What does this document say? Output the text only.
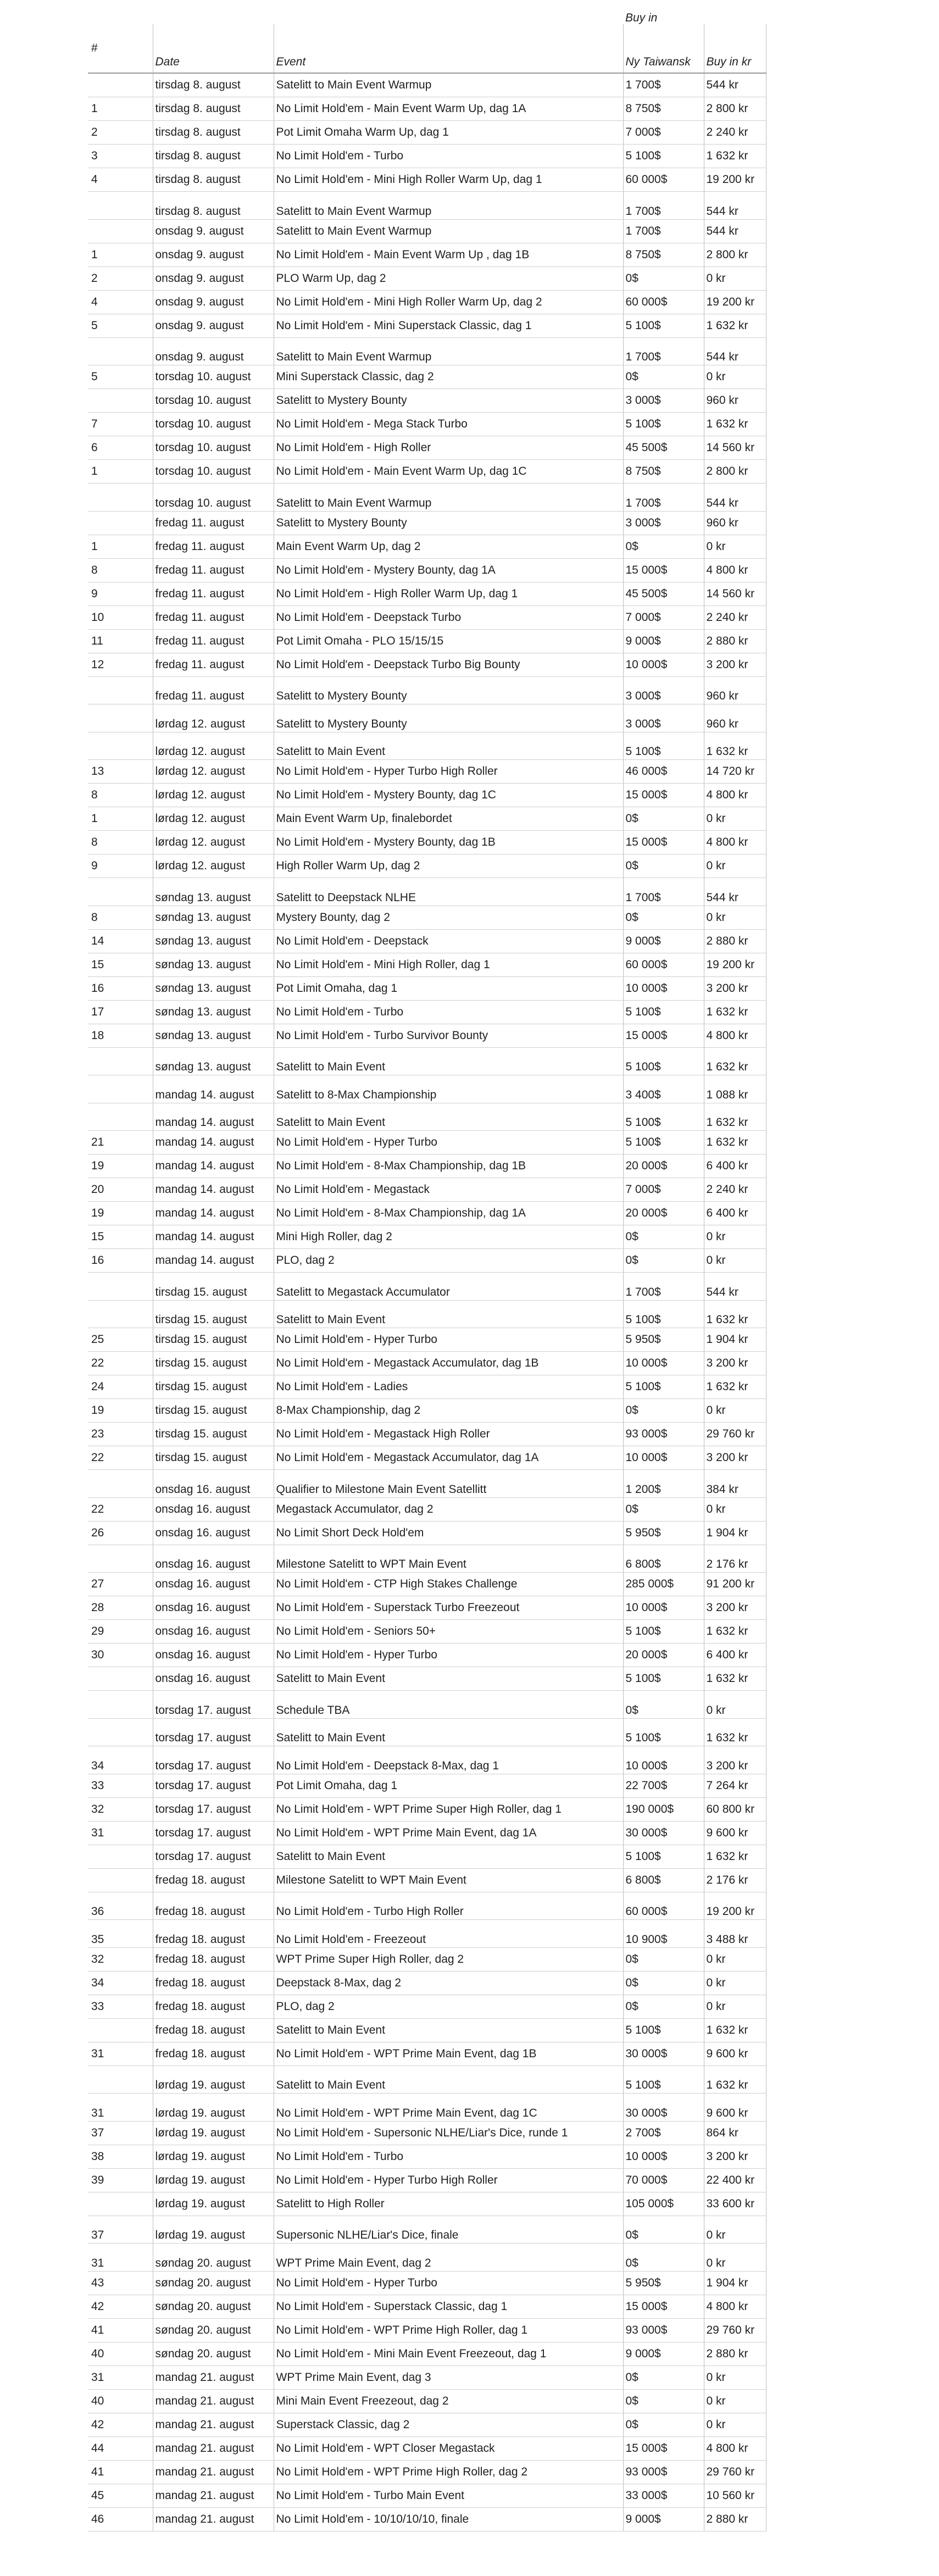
			Buy in	
#	Date	Event	Ny Taiwansk	Buy in kr
	tirsdag 8. august	Satelitt to Main Event Warmup	1 700$	544 kr
1	tirsdag 8. august	No Limit Hold'em - Main Event Warm Up, dag 1A	8 750$	2 800 kr
2	tirsdag 8. august	Pot Limit Omaha Warm Up, dag 1	7 000$	2 240 kr
3	tirsdag 8. august	No Limit Hold'em - Turbo	5 100$	1 632 kr
4	tirsdag 8. august	No Limit Hold'em - Mini High Roller Warm Up, dag 1	60 000$	19 200 kr
	tirsdag 8. august	Satelitt to Main Event Warmup	1 700$	544 kr
	onsdag 9. august	Satelitt to Main Event Warmup	1 700$	544 kr
1	onsdag 9. august	No Limit Hold'em - Main Event Warm Up , dag 1B	8 750$	2 800 kr
2	onsdag 9. august	PLO Warm Up, dag 2	0$	0 kr
4	onsdag 9. august	No Limit Hold'em - Mini High Roller Warm Up, dag 2	60 000$	19 200 kr
5	onsdag 9. august	No Limit Hold'em - Mini Superstack Classic, dag 1	5 100$	1 632 kr
	onsdag 9. august	Satelitt to Main Event Warmup	1 700$	544 kr
5	torsdag 10. august	Mini Superstack Classic, dag 2	0$	0 kr
	torsdag 10. august	Satelitt to Mystery Bounty	3 000$	960 kr
7	torsdag 10. august	No Limit Hold'em - Mega Stack Turbo	5 100$	1 632 kr
6	torsdag 10. august	No Limit Hold'em - High Roller	45 500$	14 560 kr
1	torsdag 10. august	No Limit Hold'em - Main Event Warm Up, dag 1C	8 750$	2 800 kr
	torsdag 10. august	Satelitt to Main Event Warmup	1 700$	544 kr
	fredag 11. august	Satelitt to Mystery Bounty	3 000$	960 kr
1	fredag 11. august	Main Event Warm Up, dag 2	0$	0 kr
8	fredag 11. august	No Limit Hold'em - Mystery Bounty, dag 1A	15 000$	4 800 kr
9	fredag 11. august	No Limit Hold'em - High Roller Warm Up, dag 1	45 500$	14 560 kr
10	fredag 11. august	No Limit Hold'em - Deepstack Turbo	7 000$	2 240 kr
11	fredag 11. august	Pot Limit Omaha - PLO 15/15/15	9 000$	2 880 kr
12	fredag 11. august	No Limit Hold'em - Deepstack Turbo Big Bounty	10 000$	3 200 kr
	fredag 11. august	Satelitt to Mystery Bounty	3 000$	960 kr
	lørdag 12. august	Satelitt to Mystery Bounty	3 000$	960 kr
	lørdag 12. august	Satelitt to Main Event	5 100$	1 632 kr
13	lørdag 12. august	No Limit Hold'em - Hyper Turbo High Roller	46 000$	14 720 kr
8	lørdag 12. august	No Limit Hold'em - Mystery Bounty, dag 1C	15 000$	4 800 kr
1	lørdag 12. august	Main Event Warm Up, finalebordet	0$	0 kr
8	lørdag 12. august	No Limit Hold'em - Mystery Bounty, dag 1B	15 000$	4 800 kr
9	lørdag 12. august	High Roller Warm Up, dag 2	0$	0 kr
	søndag 13. august	Satelitt to Deepstack NLHE	1 700$	544 kr
8	søndag 13. august	Mystery Bounty, dag 2	0$	0 kr
14	søndag 13. august	No Limit Hold'em - Deepstack	9 000$	2 880 kr
15	søndag 13. august	No Limit Hold'em - Mini High Roller, dag 1	60 000$	19 200 kr
16	søndag 13. august	Pot Limit Omaha, dag 1	10 000$	3 200 kr
17	søndag 13. august	No Limit Hold'em - Turbo	5 100$	1 632 kr
18	søndag 13. august	No Limit Hold'em - Turbo Survivor Bounty	15 000$	4 800 kr
	søndag 13. august	Satelitt to Main Event	5 100$	1 632 kr
	mandag 14. august	Satelitt to 8-Max Championship	3 400$	1 088 kr
	mandag 14. august	Satelitt to Main Event	5 100$	1 632 kr
21	mandag 14. august	No Limit Hold'em - Hyper Turbo	5 100$	1 632 kr
19	mandag 14. august	No Limit Hold'em - 8-Max Championship, dag 1B	20 000$	6 400 kr
20	mandag 14. august	No Limit Hold'em - Megastack	7 000$	2 240 kr
19	mandag 14. august	No Limit Hold'em - 8-Max Championship, dag 1A	20 000$	6 400 kr
15	mandag 14. august	Mini High Roller, dag 2	0$	0 kr
16	mandag 14. august	PLO, dag 2	0$	0 kr
	tirsdag 15. august	Satelitt to Megastack Accumulator	1 700$	544 kr
	tirsdag 15. august	Satelitt to Main Event	5 100$	1 632 kr
25	tirsdag 15. august	No Limit Hold'em - Hyper Turbo	5 950$	1 904 kr
22	tirsdag 15. august	No Limit Hold'em - Megastack Accumulator, dag 1B	10 000$	3 200 kr
24	tirsdag 15. august	No Limit Hold'em - Ladies	5 100$	1 632 kr
19	tirsdag 15. august	8-Max Championship, dag 2	0$	0 kr
23	tirsdag 15. august	No Limit Hold'em - Megastack High Roller	93 000$	29 760 kr
22	tirsdag 15. august	No Limit Hold'em - Megastack Accumulator, dag 1A	10 000$	3 200 kr
	onsdag 16. august	Qualifier to Milestone Main Event Satellitt	1 200$	384 kr
22	onsdag 16. august	Megastack Accumulator, dag 2	0$	0 kr
26	onsdag 16. august	No Limit Short Deck Hold'em	5 950$	1 904 kr
	onsdag 16. august	Milestone Satelitt to WPT Main Event	6 800$	2 176 kr
27	onsdag 16. august	No Limit Hold'em - CTP High Stakes Challenge	285 000$	91 200 kr
28	onsdag 16. august	No Limit Hold'em - Superstack Turbo Freezeout	10 000$	3 200 kr
29	onsdag 16. august	No Limit Hold'em - Seniors 50+	5 100$	1 632 kr
30	onsdag 16. august	No Limit Hold'em - Hyper Turbo	20 000$	6 400 kr
	onsdag 16. august	Satelitt to Main Event	5 100$	1 632 kr
	torsdag 17. august	Schedule TBA	0$	0 kr
	torsdag 17. august	Satelitt to Main Event	5 100$	1 632 kr
34	torsdag 17. august	No Limit Hold'em - Deepstack 8-Max, dag 1	10 000$	3 200 kr
33	torsdag 17. august	Pot Limit Omaha, dag 1	22 700$	7 264 kr
32	torsdag 17. august	No Limit Hold'em - WPT Prime Super High Roller, dag 1	190 000$	60 800 kr
31	torsdag 17. august	No Limit Hold'em - WPT Prime Main Event, dag 1A	30 000$	9 600 kr
	torsdag 17. august	Satelitt to Main Event	5 100$	1 632 kr
	fredag 18. august	Milestone Satelitt to WPT Main Event	6 800$	2 176 kr
36	fredag 18. august	No Limit Hold'em - Turbo High Roller	60 000$	19 200 kr
35	fredag 18. august	No Limit Hold'em - Freezeout	10 900$	3 488 kr
32	fredag 18. august	WPT Prime Super High Roller, dag 2	0$	0 kr
34	fredag 18. august	Deepstack 8-Max, dag 2	0$	0 kr
33	fredag 18. august	PLO, dag 2	0$	0 kr
	fredag 18. august	Satelitt to Main Event	5 100$	1 632 kr
31	fredag 18. august	No Limit Hold'em - WPT Prime Main Event, dag 1B	30 000$	9 600 kr
	lørdag 19. august	Satelitt to Main Event	5 100$	1 632 kr
31	lørdag 19. august	No Limit Hold'em - WPT Prime Main Event, dag 1C	30 000$	9 600 kr
37	lørdag 19. august	No Limit Hold'em - Supersonic NLHE/Liar's Dice, runde 1	2 700$	864 kr
38	lørdag 19. august	No Limit Hold'em - Turbo	10 000$	3 200 kr
39	lørdag 19. august	No Limit Hold'em - Hyper Turbo High Roller	70 000$	22 400 kr
	lørdag 19. august	Satelitt to High Roller	105 000$	33 600 kr
37	lørdag 19. august	Supersonic NLHE/Liar's Dice, finale	0$	0 kr
31	søndag 20. august	WPT Prime Main Event, dag 2	0$	0 kr
43	søndag 20. august	No Limit Hold'em - Hyper Turbo	5 950$	1 904 kr
42	søndag 20. august	No Limit Hold'em - Superstack Classic, dag 1	15 000$	4 800 kr
41	søndag 20. august	No Limit Hold'em - WPT Prime High Roller, dag 1	93 000$	29 760 kr
40	søndag 20. august	No Limit Hold'em - Mini Main Event Freezeout, dag 1	9 000$	2 880 kr
31	mandag 21. august	WPT Prime Main Event, dag 3	0$	0 kr
40	mandag 21. august	Mini Main Event Freezeout, dag 2	0$	0 kr
42	mandag 21. august	Superstack Classic, dag 2	0$	0 kr
44	mandag 21. august	No Limit Hold'em - WPT Closer Megastack	15 000$	4 800 kr
41	mandag 21. august	No Limit Hold'em - WPT Prime High Roller, dag 2	93 000$	29 760 kr
45	mandag 21. august	No Limit Hold'em - Turbo Main Event	33 000$	10 560 kr
46	mandag 21. august	No Limit Hold'em - 10/10/10/10, finale	9 000$	2 880 kr
